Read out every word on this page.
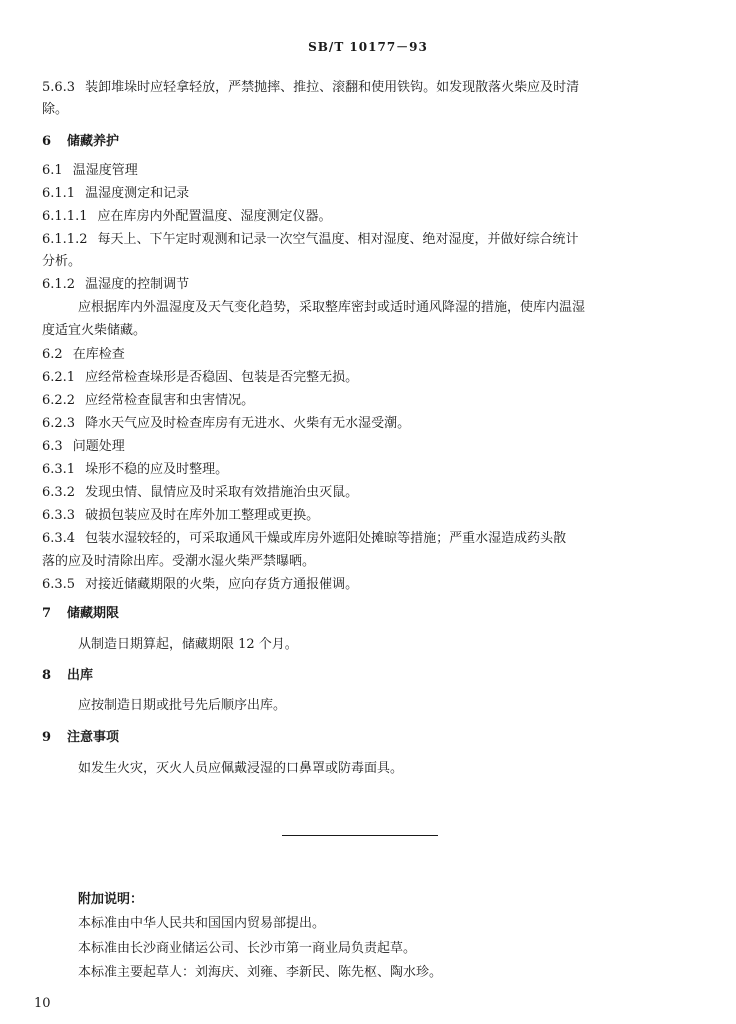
SB/T 10177－93
5.6.3 装卸堆垛时应轻拿轻放，严禁抛摔、推拉、滚翻和使用铁钩。如发现散落火柴应及时清
除。
6 储藏养护
6.1 温湿度管理
6.1.1 温湿度测定和记录
6.1.1.1 应在库房内外配置温度、湿度测定仪器。
6.1.1.2 每天上、下午定时观测和记录一次空气温度、相对湿度、绝对湿度，并做好综合统计
分析。
6.1.2 温湿度的控制调节
应根据库内外温湿度及天气变化趋势，采取整库密封或适时通风降湿的措施，使库内温湿
度适宜火柴储藏。
6.2 在库检查
6.2.1 应经常检查垛形是否稳固、包装是否完整无损。
6.2.2 应经常检查鼠害和虫害情况。
6.2.3 降水天气应及时检查库房有无进水、火柴有无水湿受潮。
6.3 问题处理
6.3.1 垛形不稳的应及时整理。
6.3.2 发现虫情、鼠情应及时采取有效措施治虫灭鼠。
6.3.3 破损包装应及时在库外加工整理或更换。
6.3.4 包装水湿较轻的，可采取通风干燥或库房外遮阳处摊晾等措施；严重水湿造成药头散
落的应及时清除出库。受潮水湿火柴严禁曝晒。
6.3.5 对接近储藏期限的火柴，应向存货方通报催调。
7 储藏期限
从制造日期算起，储藏期限 12 个月。
8 出库
应按制造日期或批号先后顺序出库。
9 注意事项
如发生火灾，灭火人员应佩戴浸湿的口鼻罩或防毒面具。
附加说明：
本标准由中华人民共和国国内贸易部提出。
本标准由长沙商业储运公司、长沙市第一商业局负责起草。
本标准主要起草人：刘海庆、刘雍、李新民、陈先枢、陶水珍。
10
